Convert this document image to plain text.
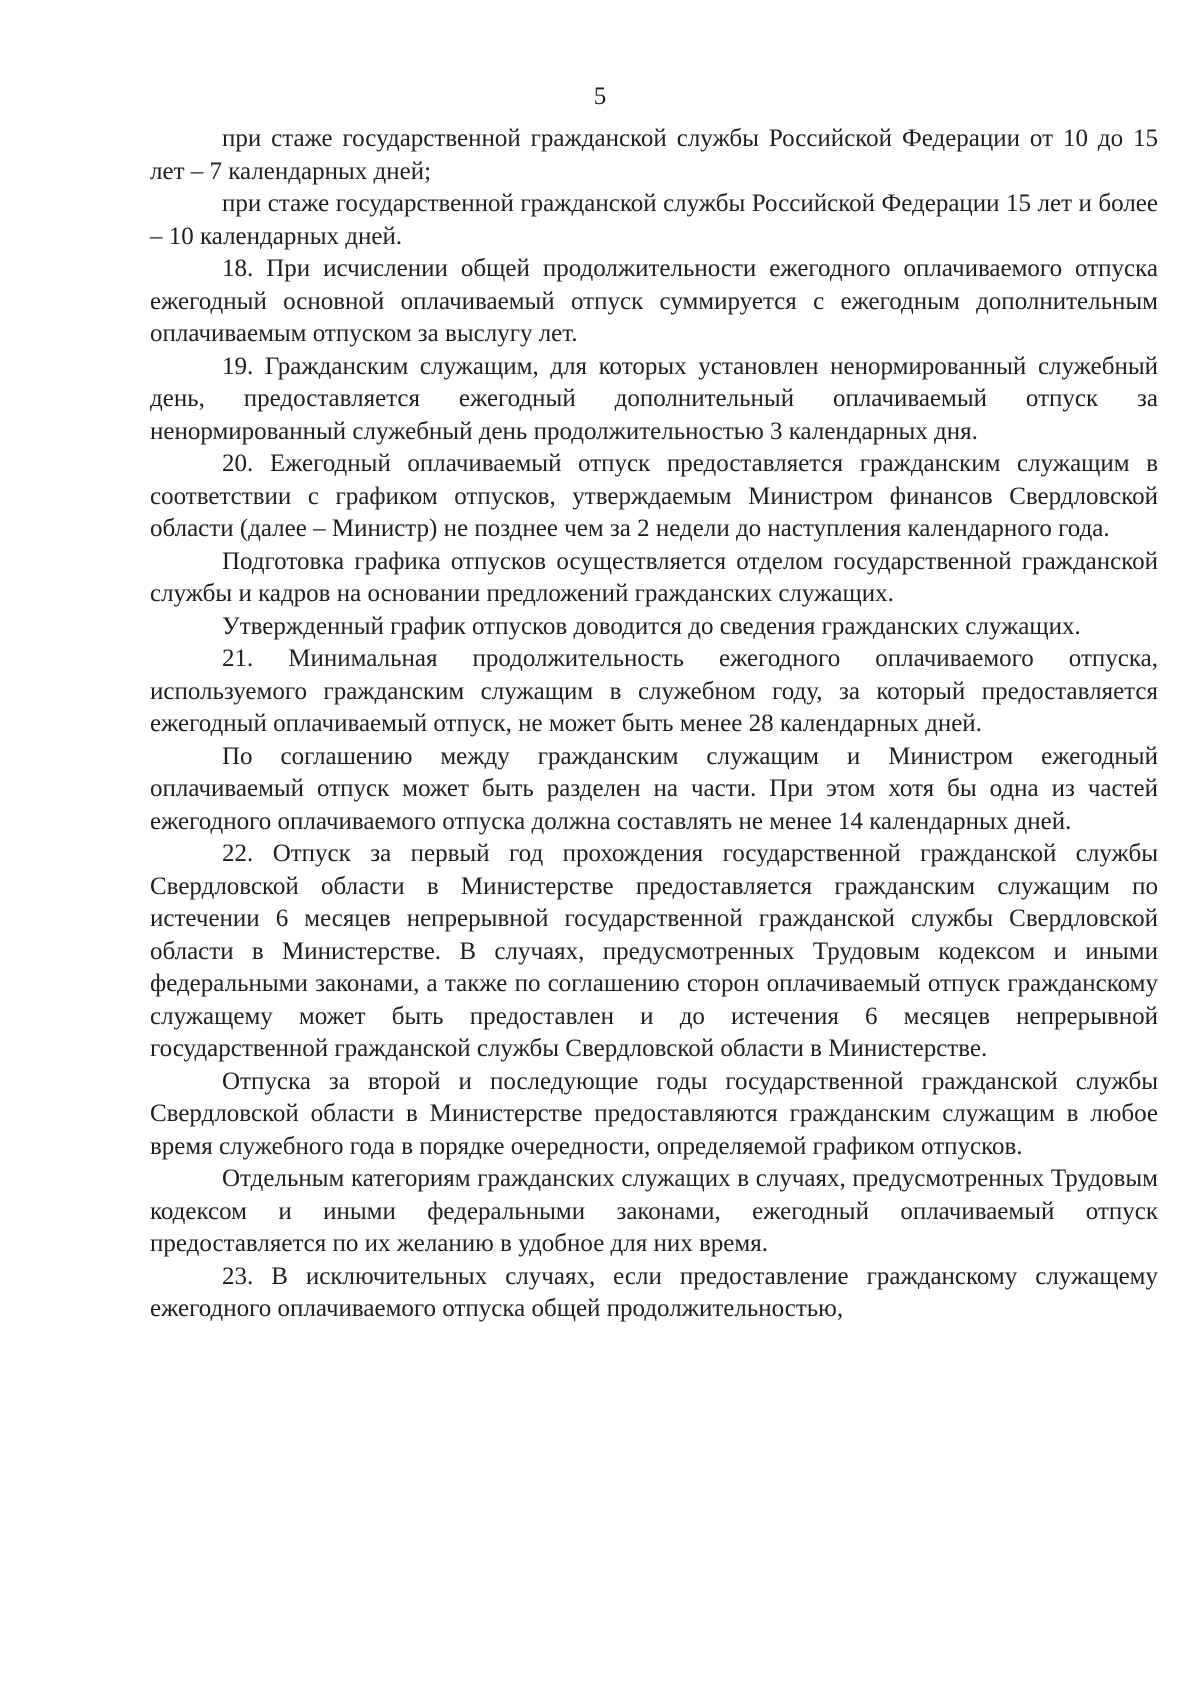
5

при стаже государственной гражданской службы Российской Федерации от 10 до 15 лет – 7 календарных дней;

при стаже государственной гражданской службы Российской Федерации 15 лет и более – 10 календарных дней.

18. При исчислении общей продолжительности ежегодного оплачиваемого отпуска ежегодный основной оплачиваемый отпуск суммируется с ежегодным дополнительным оплачиваемым отпуском за выслугу лет.

19. Гражданским служащим, для которых установлен ненормированный служебный день, предоставляется ежегодный дополнительный оплачиваемый отпуск за ненормированный служебный день продолжительностью 3 календарных дня.

20. Ежегодный оплачиваемый отпуск предоставляется гражданским служащим в соответствии с графиком отпусков, утверждаемым Министром финансов Свердловской области (далее – Министр) не позднее чем за 2 недели до наступления календарного года.

Подготовка графика отпусков осуществляется отделом государственной гражданской службы и кадров на основании предложений гражданских служащих.

Утвержденный график отпусков доводится до сведения гражданских служащих.

21. Минимальная продолжительность ежегодного оплачиваемого отпуска, используемого гражданским служащим в служебном году, за который предоставляется ежегодный оплачиваемый отпуск, не может быть менее 28 календарных дней.

По соглашению между гражданским служащим и Министром ежегодный оплачиваемый отпуск может быть разделен на части. При этом хотя бы одна из частей ежегодного оплачиваемого отпуска должна составлять не менее 14 календарных дней.

22. Отпуск за первый год прохождения государственной гражданской службы Свердловской области в Министерстве предоставляется гражданским служащим по истечении 6 месяцев непрерывной государственной гражданской службы Свердловской области в Министерстве. В случаях, предусмотренных Трудовым кодексом и иными федеральными законами, а также по соглашению сторон оплачиваемый отпуск гражданскому служащему может быть предоставлен и до истечения 6 месяцев непрерывной государственной гражданской службы Свердловской области в Министерстве.

Отпуска за второй и последующие годы государственной гражданской службы Свердловской области в Министерстве предоставляются гражданским служащим в любое время служебного года в порядке очередности, определяемой графиком отпусков.

Отдельным категориям гражданских служащих в случаях, предусмотренных Трудовым кодексом и иными федеральными законами, ежегодный оплачиваемый отпуск предоставляется по их желанию в удобное для них время.

23. В исключительных случаях, если предоставление гражданскому служащему ежегодного оплачиваемого отпуска общей продолжительностью,
